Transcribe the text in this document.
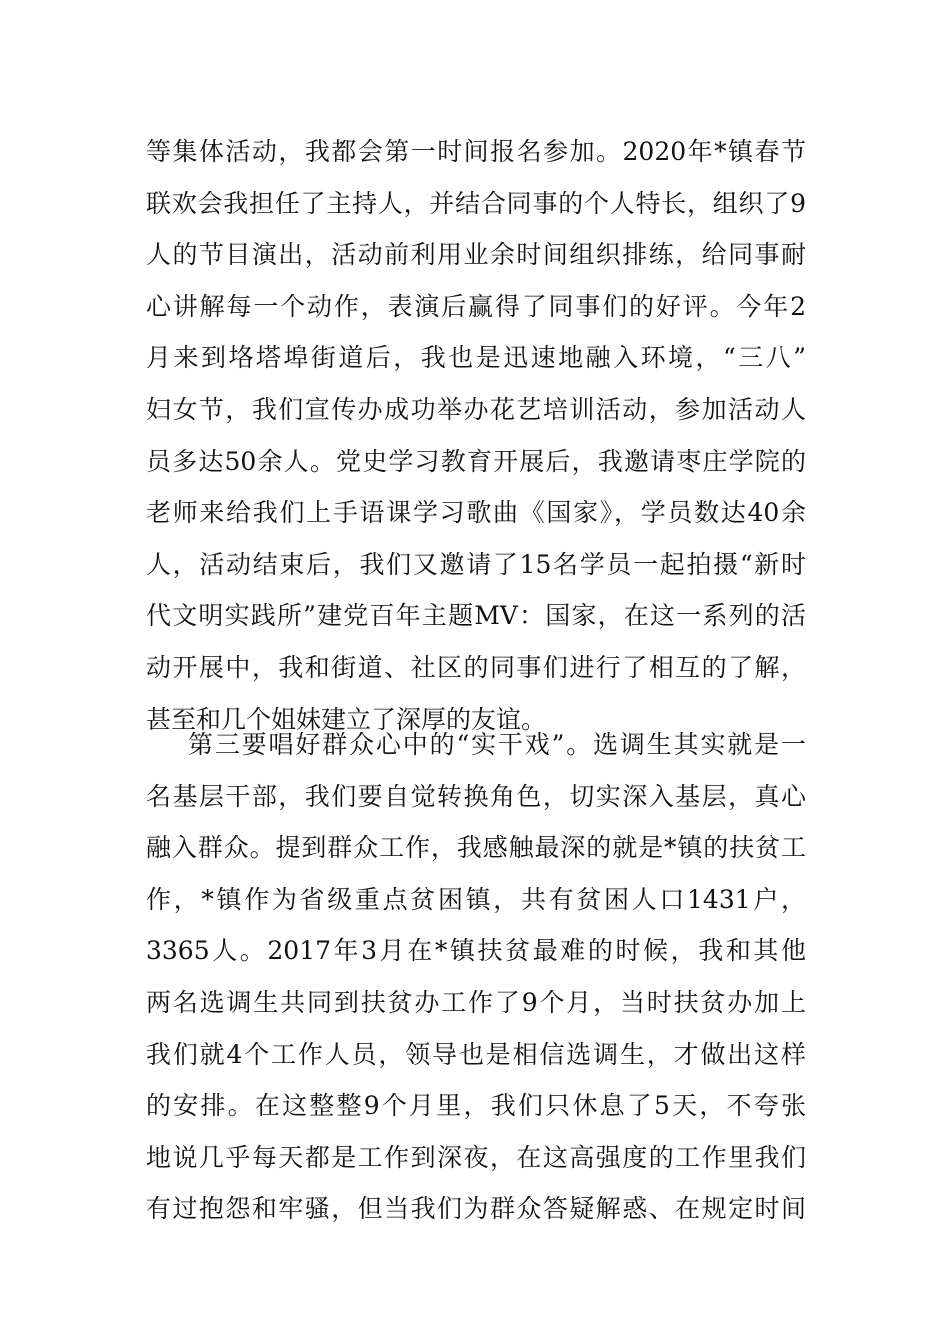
等集体活动，我都会第一时间报名参加。2020年*镇春节
联欢会我担任了主持人，并结合同事的个人特长，组织了9
人的节目演出，活动前利用业余时间组织排练，给同事耐
心讲解每一个动作，表演后赢得了同事们的好评。今年2
月来到垎塔埠街道后，我也是迅速地融入环境，“三八”
妇女节，我们宣传办成功举办花艺培训活动，参加活动人
员多达50余人。党史学习教育开展后，我邀请枣庄学院的
老师来给我们上手语课学习歌曲《国家》，学员数达40余
人，活动结束后，我们又邀请了15名学员一起拍摄“新时
代文明实践所”建党百年主题MV：国家，在这一系列的活
动开展中，我和街道、社区的同事们进行了相互的了解，
甚至和几个姐妹建立了深厚的友谊。
第三要唱好群众心中的“实干戏”。选调生其实就是一
名基层干部，我们要自觉转换角色，切实深入基层，真心
融入群众。提到群众工作，我感触最深的就是*镇的扶贫工
作，*镇作为省级重点贫困镇，共有贫困人口1431户，
3365人。2017年3月在*镇扶贫最难的时候，我和其他
两名选调生共同到扶贫办工作了9个月，当时扶贫办加上
我们就4个工作人员，领导也是相信选调生，才做出这样
的安排。在这整整9个月里，我们只休息了5天，不夸张
地说几乎每天都是工作到深夜，在这高强度的工作里我们
有过抱怨和牢骚，但当我们为群众答疑解惑、在规定时间
